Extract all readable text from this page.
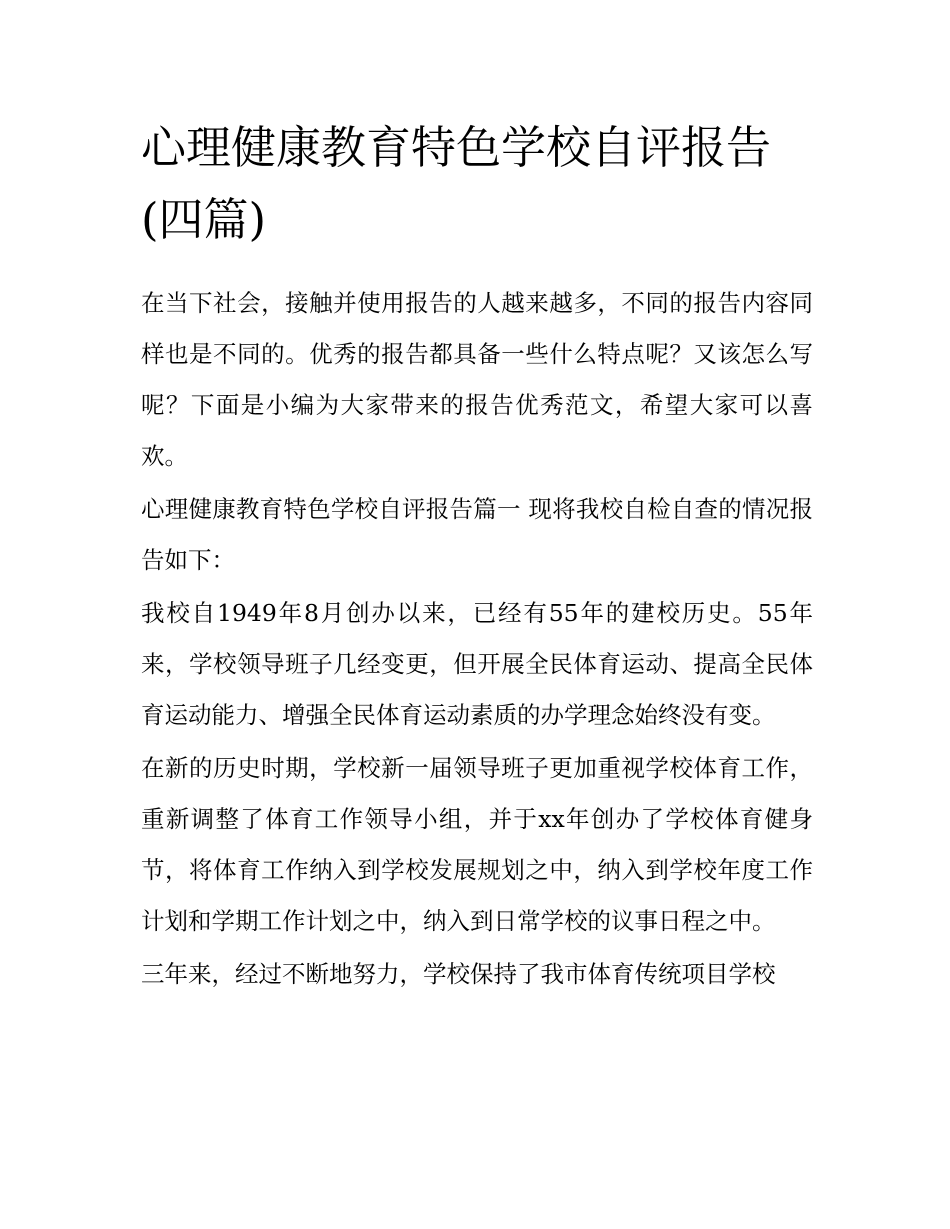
心理健康教育特色学校自评报告(四篇)

在当下社会，接触并使用报告的人越来越多，不同的报告内容同样也是不同的。优秀的报告都具备一些什么特点呢？又该怎么写呢？下面是小编为大家带来的报告优秀范文，希望大家可以喜欢。

心理健康教育特色学校自评报告篇一 现将我校自检自查的情况报告如下：

我校自1949年8月创办以来，已经有55年的建校历史。55年来，学校领导班子几经变更，但开展全民体育运动、提高全民体育运动能力、增强全民体育运动素质的办学理念始终没有变。

在新的历史时期，学校新一届领导班子更加重视学校体育工作，重新调整了体育工作领导小组，并于xx年创办了学校体育健身节，将体育工作纳入到学校发展规划之中，纳入到学校年度工作计划和学期工作计划之中，纳入到日常学校的议事日程之中。

三年来，经过不断地努力，学校保持了我市体育传统项目学校
